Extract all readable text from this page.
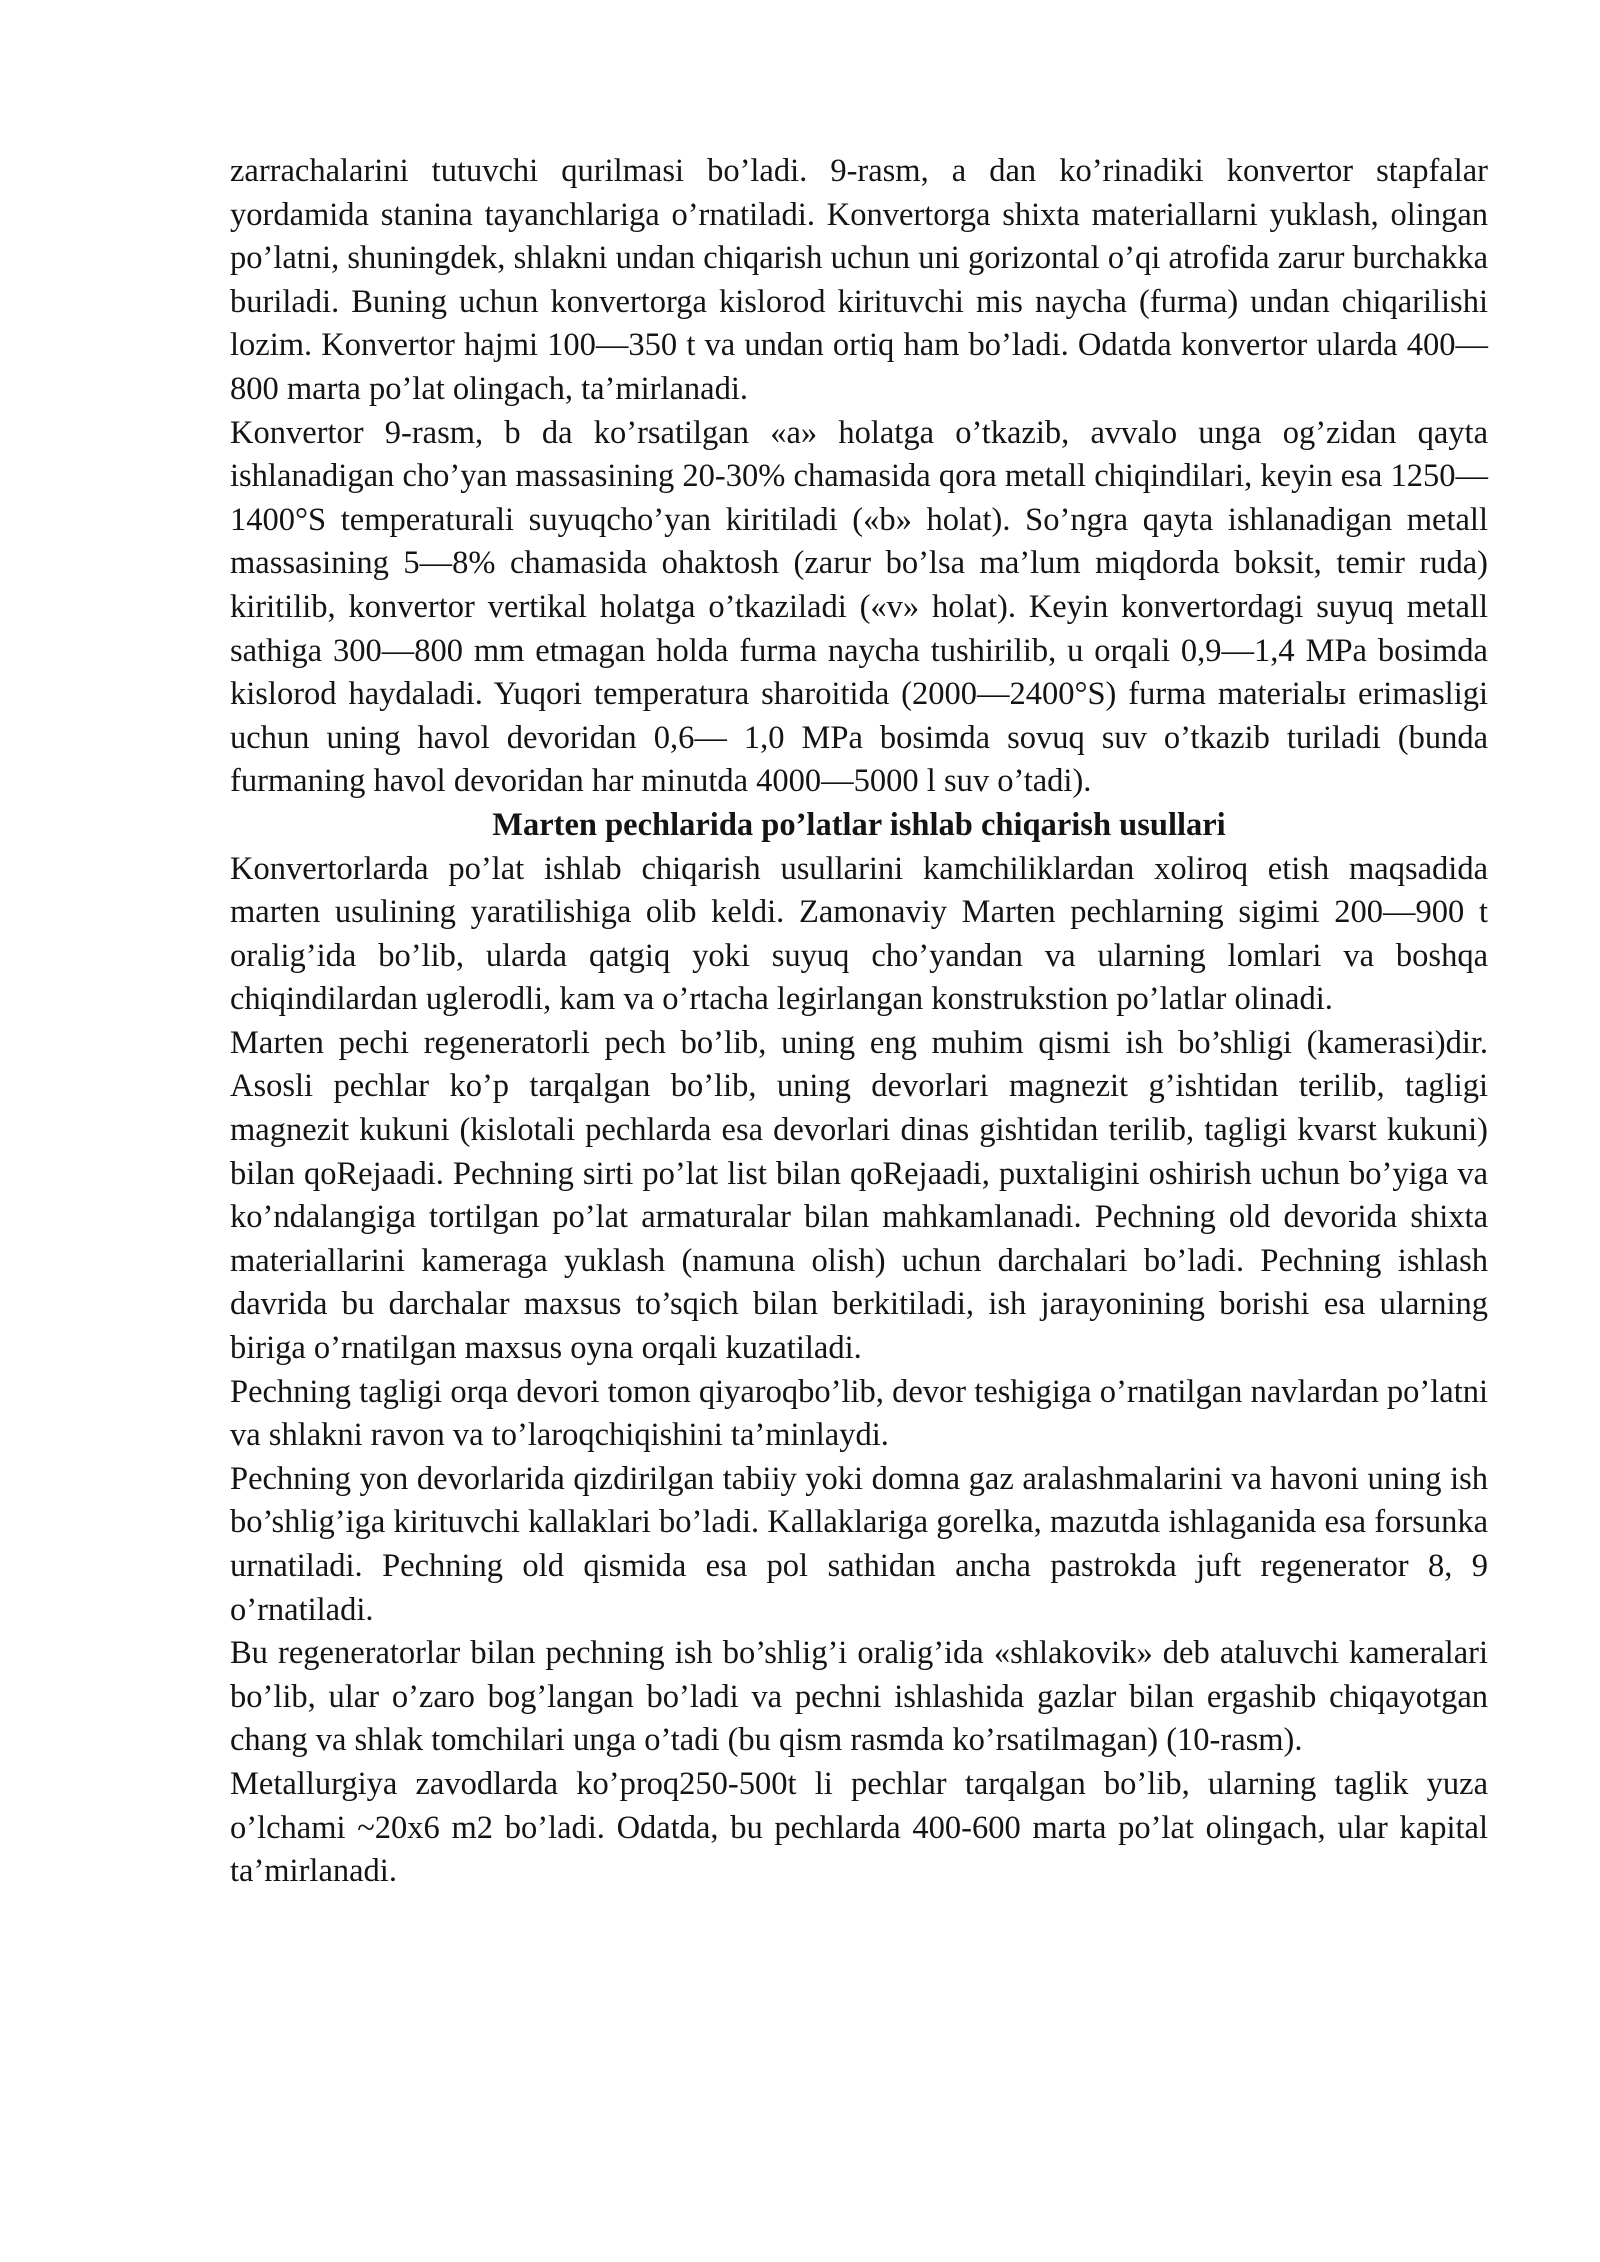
zarrachalarini tutuvchi qurilmasi bo’ladi. 9-rasm, a dan ko’rinadiki konvertor stapfalar yordamida stanina tayanchlariga o’rnatiladi. Konvertorga shixta materiallarni yuklash, olingan po’latni, shuningdek, shlakni undan chiqarish uchun uni gorizontal o’qi atrofida zarur burchakka buriladi. Buning uchun konvertorga kislorod kirituvchi mis naycha (furma) undan chiqarilishi lozim. Konvertor hajmi 100—350 t va undan ortiq ham bo’ladi. Odatda konvertor ularda 400—800 marta po’lat olingach, ta’mirlanadi.

Konvertor 9-rasm, b da ko’rsatilgan «a» holatga o’tkazib, avvalo unga og’zidan qayta ishlanadigan cho’yan massasining 20-30% chamasida qora metall chiqindilari, keyin esa 1250— 1400°S temperaturali suyuqcho’yan kiritiladi («b» holat). So’ngra qayta ishlanadigan metall massasining 5—8% chamasida ohaktosh (zarur bo’lsa ma’lum miqdorda boksit, temir ruda) kiritilib, konvertor vertikal holatga o’tkaziladi («v» holat). Keyin konvertordagi suyuq metall sathiga 300—800 mm etmagan holda furma naycha tushirilib, u orqali 0,9—1,4 MPa bosimda kislorod haydaladi. Yuqori temperatura sharoitida (2000—2400°S) furma materialы erimasligi uchun uning havol devoridan 0,6— 1,0 MPa bosimda sovuq suv o’tkazib turiladi (bunda furmaning havol devoridan har minutda 4000—5000 l suv o’tadi).

Marten pechlarida po’latlar ishlab chiqarish usullari

Konvertorlarda po’lat ishlab chiqarish usullarini kamchiliklardan xoliroq etish maqsadida marten usulining yaratilishiga olib keldi. Zamonaviy Marten pechlarning sigimi 200—900 t oralig’ida bo’lib, ularda qatgiq yoki suyuq cho’yandan va ularning lomlari va boshqa chiqindilardan uglerodli, kam va o’rtacha legirlangan konstrukstion po’latlar olinadi.

Marten pechi regeneratorli pech bo’lib, uning eng muhim qismi ish bo’shligi (kamerasi)dir. Asosli pechlar ko’p tarqalgan bo’lib, uning devorlari magnezit g’ishtidan terilib, tagligi magnezit kukuni (kislotali pechlarda esa devorlari dinas gishtidan terilib, tagligi kvarst kukuni) bilan qoRejaadi. Pechning sirti po’lat list bilan qoRejaadi, puxtaligini oshirish uchun bo’yiga va ko’ndalangiga tortilgan po’lat armaturalar bilan mahkamlanadi. Pechning old devorida shixta materiallarini kameraga yuklash (namuna olish) uchun darchalari bo’ladi. Pechning ishlash davrida bu darchalar maxsus to’sqich bilan berkitiladi, ish jarayonining borishi esa ularning biriga o’rnatilgan maxsus oyna orqali kuzatiladi.

Pechning tagligi orqa devori tomon qiyaroqbo’lib, devor teshigiga o’rnatilgan navlardan po’latni va shlakni ravon va to’laroqchiqishini ta’minlaydi.

Pechning yon devorlarida qizdirilgan tabiiy yoki domna gaz aralashmalarini va havoni uning ish bo’shlig’iga kirituvchi kallaklari bo’ladi. Kallaklariga gorelka, mazutda ishlaganida esa forsunka urnatiladi. Pechning old qismida esa pol sathidan ancha pastrokda juft regenerator 8, 9 o’rnatiladi.

Bu regeneratorlar bilan pechning ish bo’shlig’i oralig’ida «shlakovik» deb ataluvchi kameralari bo’lib, ular o’zaro bog’langan bo’ladi va pechni ishlashida gazlar bilan ergashib chiqayotgan chang va shlak tomchilari unga o’tadi (bu qism rasmda ko’rsatilmagan) (10-rasm).

Metallurgiya zavodlarda ko’proq250-500t li pechlar tarqalgan bo’lib, ularning taglik yuza o’lchami ~20x6 m2 bo’ladi. Odatda, bu pechlarda 400-600 marta po’lat olingach, ular kapital ta’mirlanadi.
